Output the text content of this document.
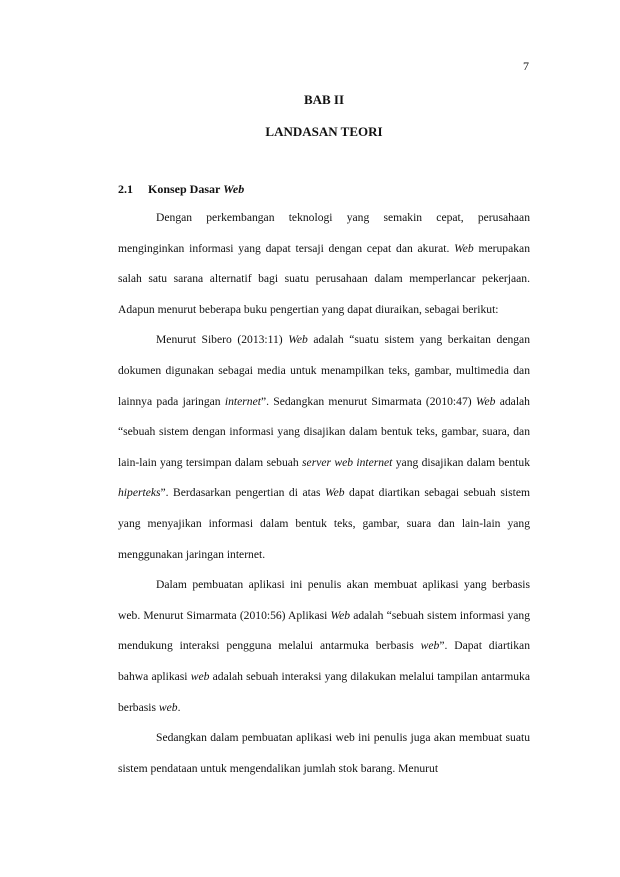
7
BAB II
LANDASAN TEORI
2.1 Konsep Dasar Web

Dengan perkembangan teknologi yang semakin cepat, perusahaan menginginkan informasi yang dapat tersaji dengan cepat dan akurat. Web merupakan salah satu sarana alternatif bagi suatu perusahaan dalam memperlancar pekerjaan. Adapun menurut beberapa buku pengertian yang dapat diuraikan, sebagai berikut:

Menurut Sibero (2013:11) Web adalah “suatu sistem yang berkaitan dengan dokumen digunakan sebagai media untuk menampilkan teks, gambar, multimedia dan lainnya pada jaringan internet”. Sedangkan menurut Simarmata (2010:47) Web adalah “sebuah sistem dengan informasi yang disajikan dalam bentuk teks, gambar, suara, dan lain-lain yang tersimpan dalam sebuah server web internet yang disajikan dalam bentuk hiperteks”. Berdasarkan pengertian di atas Web dapat diartikan sebagai sebuah sistem yang menyajikan informasi dalam bentuk teks, gambar, suara dan lain-lain yang menggunakan jaringan internet.

Dalam pembuatan aplikasi ini penulis akan membuat aplikasi yang berbasis web. Menurut Simarmata (2010:56) Aplikasi Web adalah “sebuah sistem informasi yang mendukung interaksi pengguna melalui antarmuka berbasis web”. Dapat diartikan bahwa aplikasi web adalah sebuah interaksi yang dilakukan melalui tampilan antarmuka berbasis web.

Sedangkan dalam pembuatan aplikasi web ini penulis juga akan membuat suatu sistem pendataan untuk mengendalikan jumlah stok barang. Menurut
